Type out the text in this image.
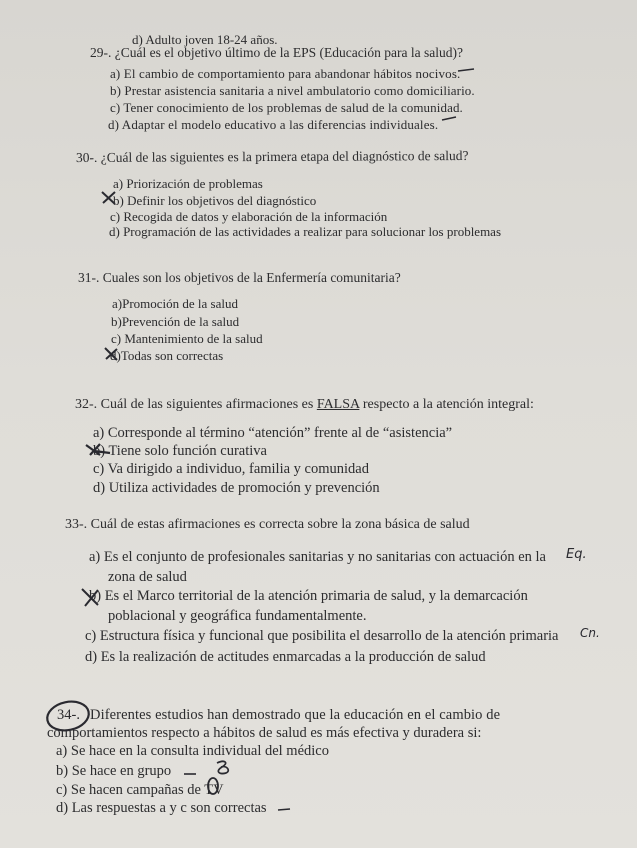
d) Adulto joven 18-24 años.
29-. ¿Cuál es el objetivo último de la EPS (Educación para la salud)?
a) El cambio de comportamiento para abandonar hábitos nocivos.
b) Prestar asistencia sanitaria a nivel ambulatorio como domiciliario.
c) Tener conocimiento de los problemas de salud de la comunidad.
d) Adaptar el modelo educativo a las diferencias individuales.
30-. ¿Cuál de las siguientes es la primera etapa del diagnóstico de salud?
a) Priorización de problemas
b) Definir los objetivos del diagnóstico
c) Recogida de datos y elaboración de la información
d) Programación de las actividades a realizar para solucionar los problemas
31-. Cuales son los objetivos de la Enfermería comunitaria?
a)Promoción de la salud
b)Prevención de la salud
c) Mantenimiento de la salud
d)Todas son correctas
32-. Cuál de las siguientes afirmaciones es FALSA respecto a la atención integral:
a) Corresponde al término “atención” frente al de “asistencia”
b) Tiene solo función curativa
c) Va dirigido a individuo, familia y comunidad
d) Utiliza actividades de promoción y prevención
33-. Cuál de estas afirmaciones es correcta sobre la zona básica de salud
a) Es el conjunto de profesionales sanitarias y no sanitarias con actuación en la
zona de salud
b) Es el Marco territorial de la atención primaria de salud, y la demarcación
poblacional y geográfica fundamentalmente.
c) Estructura física y funcional que posibilita el desarrollo de la atención primaria
d) Es la realización de actitudes enmarcadas a la producción de salud
34-. Diferentes estudios han demostrado que la educación en el cambio de
comportamientos respecto a hábitos de salud es más efectiva y duradera si:
a) Se hace en la consulta individual del médico
b) Se hace en grupo
c) Se hacen campañas de TV
d) Las respuestas a y c son correctas
Eq.
Cn.
